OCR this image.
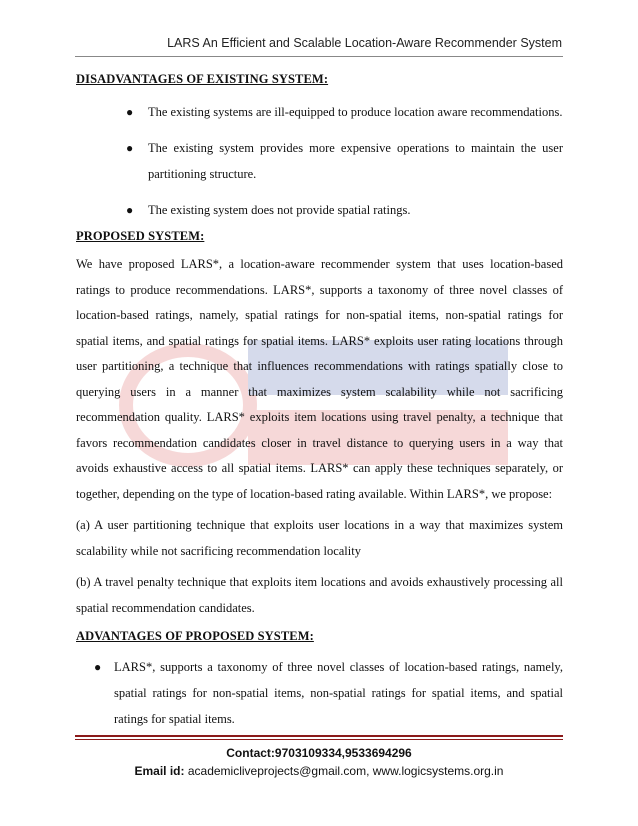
LARS An Efficient and Scalable Location-Aware Recommender System
DISADVANTAGES OF EXISTING SYSTEM:
● The existing systems are ill-equipped to produce location aware recommendations.
● The existing system provides more expensive operations to maintain the user partitioning structure.
● The existing system does not provide spatial ratings.
PROPOSED SYSTEM:

We have proposed LARS*, a location-aware recommender system that uses location-based ratings to produce recommendations. LARS*, supports a taxonomy of three novel classes of location-based ratings, namely, spatial ratings for non-spatial items, non-spatial ratings for spatial items, and spatial ratings for spatial items. LARS* exploits user rating locations through user partitioning, a technique that influences recommendations with ratings spatially close to querying users in a manner that maximizes system scalability while not sacrificing recommendation quality. LARS* exploits item locations using travel penalty, a technique that favors recommendation candidates closer in travel distance to querying users in a way that avoids exhaustive access to all spatial items. LARS* can apply these techniques separately, or together, depending on the type of location-based rating available. Within LARS*, we propose:

(a) A user partitioning technique that exploits user locations in a way that maximizes system scalability while not sacrificing recommendation locality

(b) A travel penalty technique that exploits item locations and avoids exhaustively processing all spatial recommendation candidates.

ADVANTAGES OF PROPOSED SYSTEM:
● LARS*, supports a taxonomy of three novel classes of location-based ratings, namely, spatial ratings for non-spatial items, non-spatial ratings for spatial items, and spatial ratings for spatial items.
Contact:9703109334,9533694296
Email id: academicliveprojects@gmail.com, www.logicsystems.org.in
